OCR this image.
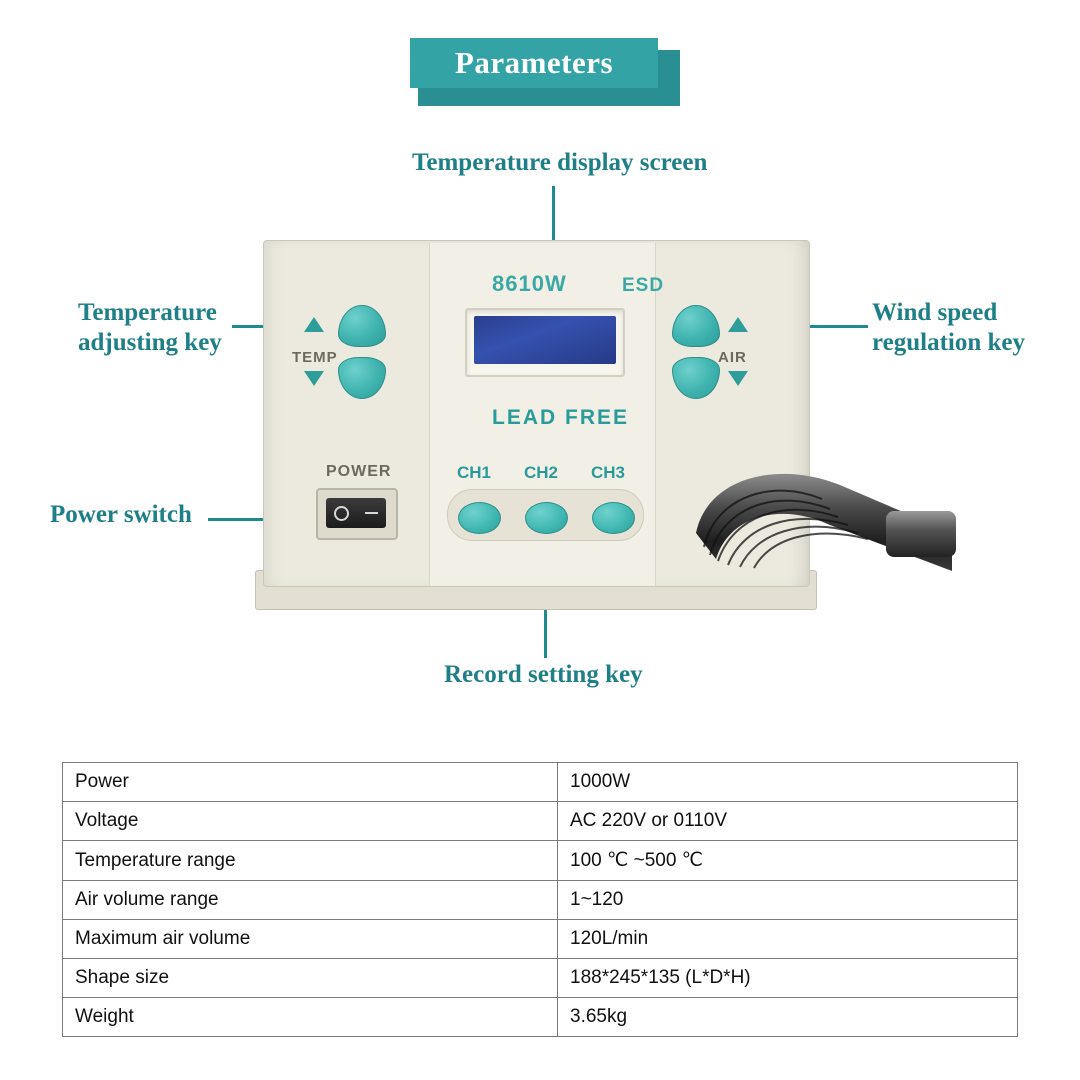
Parameters
Temperature display screen
Temperature
adjusting key
Wind speed
regulation key
Power switch
Record setting key
8610W	ESD
LEAD FREE
TEMP	AIR
POWER	CH1 CH2 CH3
Power	1000W
Voltage	AC 220V or 0110V
Temperature range	100 ℃ ~500 ℃
Air volume range	1~120
Maximum air volume	120L/min
Shape size	188*245*135 (L*D*H)
Weight	3.65kg
